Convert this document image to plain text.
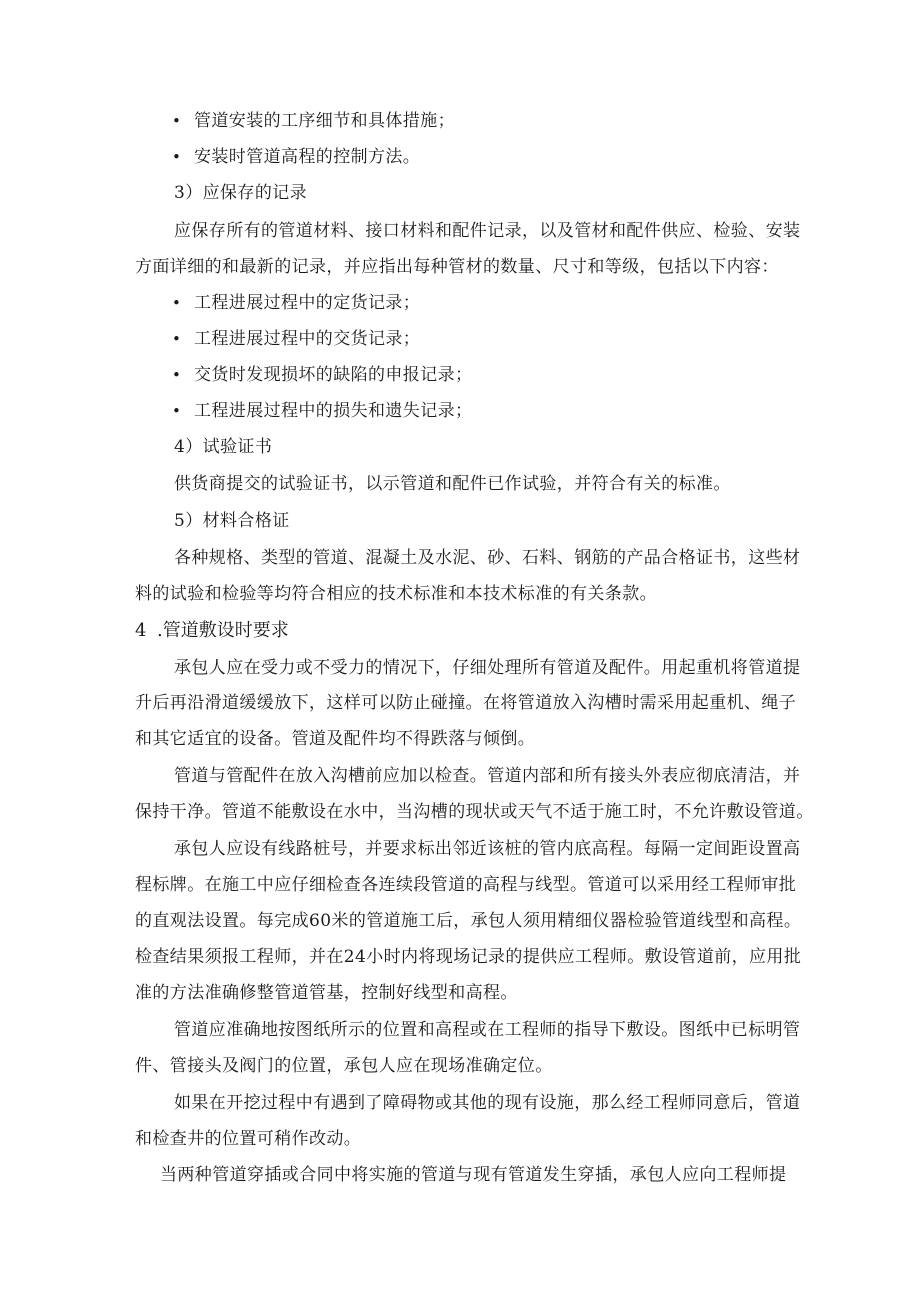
• 管道安装的工序细节和具体措施；
• 安装时管道高程的控制方法。
3）应保存的记录
应保存所有的管道材料、接口材料和配件记录，以及管材和配件供应、检验、安装
方面详细的和最新的记录，并应指出每种管材的数量、尺寸和等级，包括以下内容：
• 工程进展过程中的定货记录；
• 工程进展过程中的交货记录；
• 交货时发现损坏的缺陷的申报记录；
• 工程进展过程中的损失和遗失记录；
4）试验证书
供货商提交的试验证书，以示管道和配件已作试验，并符合有关的标准。
5）材料合格证
各种规格、类型的管道、混凝土及水泥、砂、石料、钢筋的产品合格证书，这些材
料的试验和检验等均符合相应的技术标准和本技术标准的有关条款。
4 .管道敷设时要求
承包人应在受力或不受力的情况下，仔细处理所有管道及配件。用起重机将管道提
升后再沿滑道缓缓放下，这样可以防止碰撞。在将管道放入沟槽时需采用起重机、绳子
和其它适宜的设备。管道及配件均不得跌落与倾倒。
管道与管配件在放入沟槽前应加以检查。管道内部和所有接头外表应彻底清洁，并
保持干净。管道不能敷设在水中，当沟槽的现状或天气不适于施工时，不允许敷设管道。
承包人应设有线路桩号，并要求标出邻近该桩的管内底高程。每隔一定间距设置高
程标牌。在施工中应仔细检查各连续段管道的高程与线型。管道可以采用经工程师审批
的直观法设置。每完成60米的管道施工后，承包人须用精细仪器检验管道线型和高程。
检查结果须报工程师，并在24小时内将现场记录的提供应工程师。敷设管道前，应用批
准的方法准确修整管道管基，控制好线型和高程。
管道应准确地按图纸所示的位置和高程或在工程师的指导下敷设。图纸中已标明管
件、管接头及阀门的位置，承包人应在现场准确定位。
如果在开挖过程中有遇到了障碍物或其他的现有设施，那么经工程师同意后，管道
和检查井的位置可稍作改动。
当两种管道穿插或合同中将实施的管道与现有管道发生穿插，承包人应向工程师提
